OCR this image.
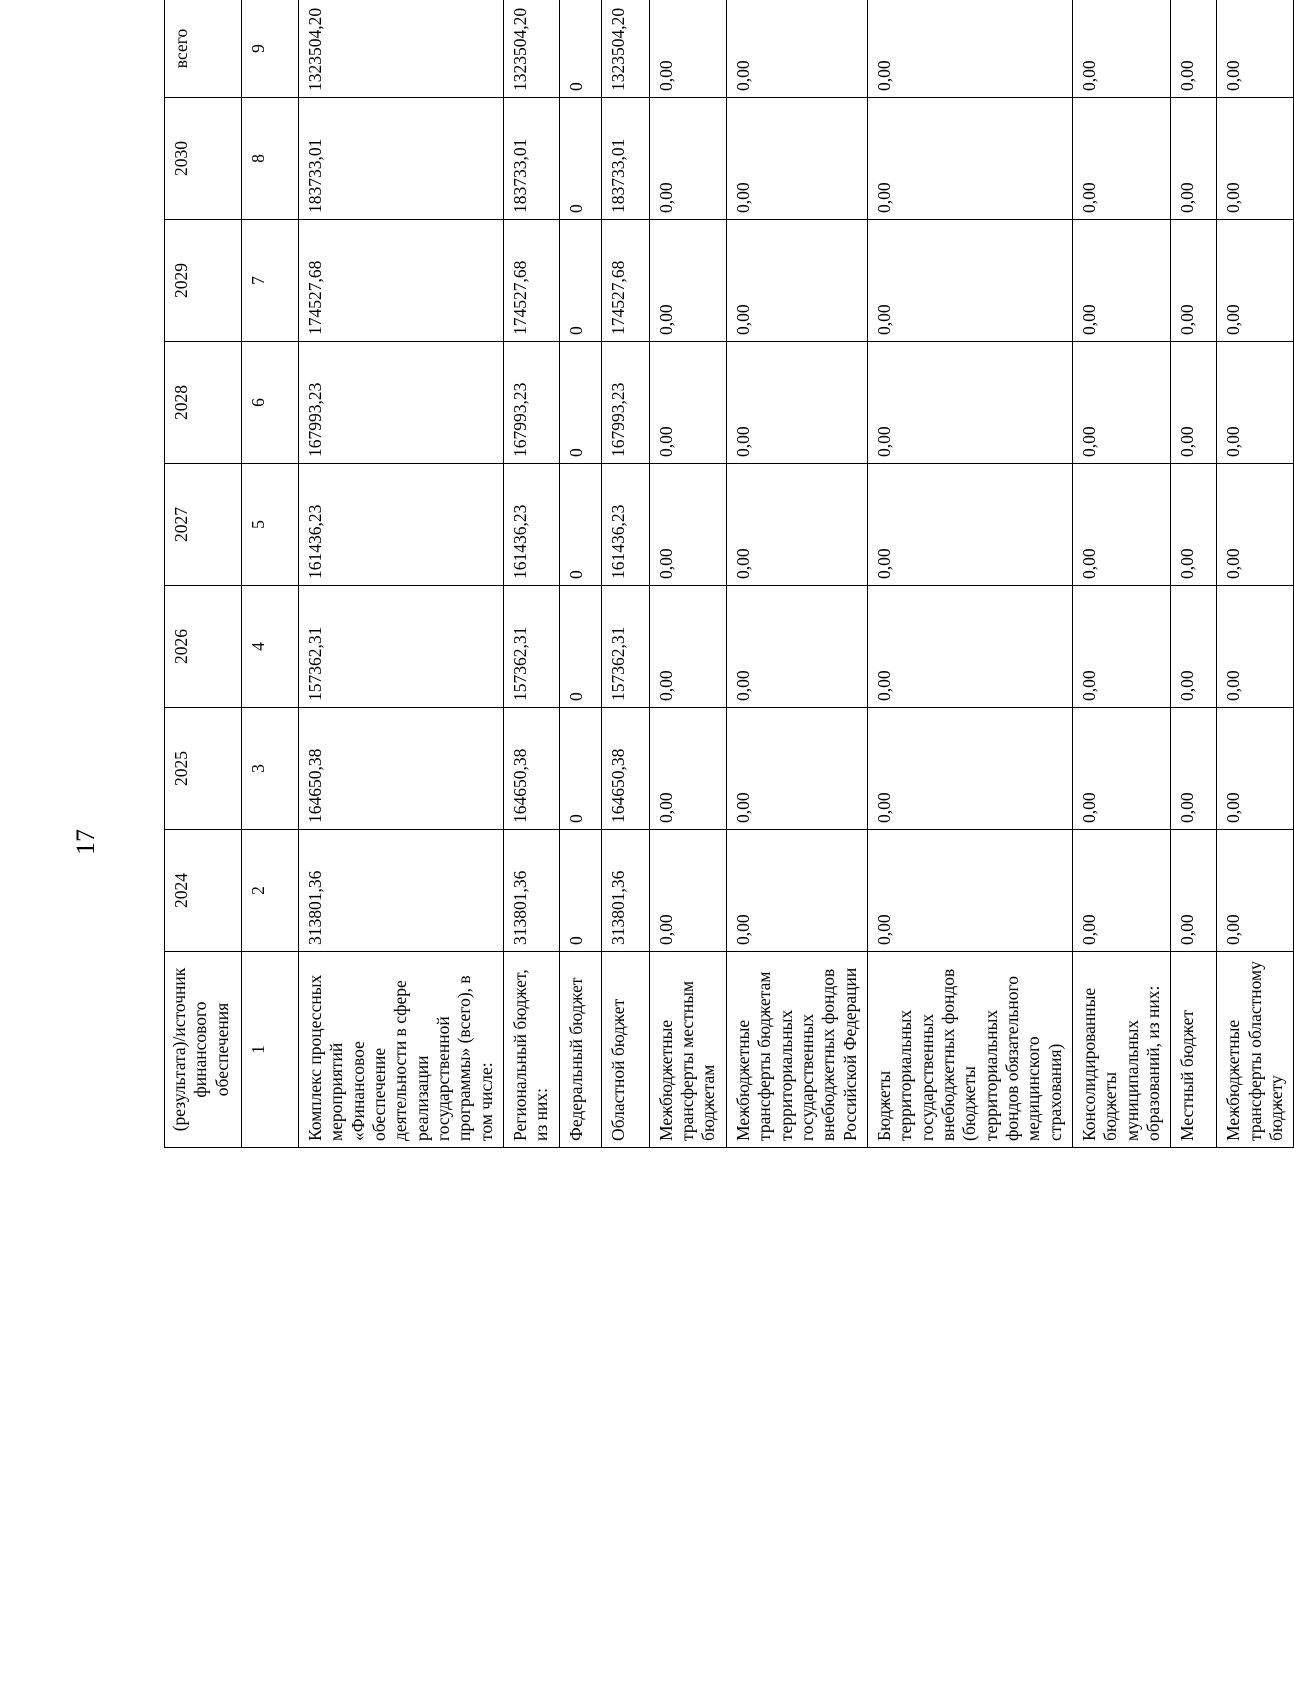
17
(результата)/источник финансового обеспечения	2024	2025	2026	2027	2028	2029	2030	всего
1	2	3	4	5	6	7	8	9
Комплекс процессных мероприятий «Финансовое обеспечение деятельности в сфере реализации государственной программы» (всего), в том числе:	313801,36	164650,38	157362,31	161436,23	167993,23	174527,68	183733,01	1323504,20
Региональный бюджет, из них:	313801,36	164650,38	157362,31	161436,23	167993,23	174527,68	183733,01	1323504,20
Федеральный бюджет	0	0	0	0	0	0	0	0
Областной бюджет	313801,36	164650,38	157362,31	161436,23	167993,23	174527,68	183733,01	1323504,20
Межбюджетные трансферты местным бюджетам	0,00	0,00	0,00	0,00	0,00	0,00	0,00	0,00
Межбюджетные трансферты бюджетам территориальных государственных внебюджетных фондов Российской Федерации	0,00	0,00	0,00	0,00	0,00	0,00	0,00	0,00
Бюджеты территориальных государственных внебюджетных фондов (бюджеты территориальных фондов обязательного медицинского страхования)	0,00	0,00	0,00	0,00	0,00	0,00	0,00	0,00
Консолидированные бюджеты муниципальных образований, из них:	0,00	0,00	0,00	0,00	0,00	0,00	0,00	0,00
Местный бюджет	0,00	0,00	0,00	0,00	0,00	0,00	0,00	0,00
Межбюджетные трансферты областному бюджету	0,00	0,00	0,00	0,00	0,00	0,00	0,00	0,00
